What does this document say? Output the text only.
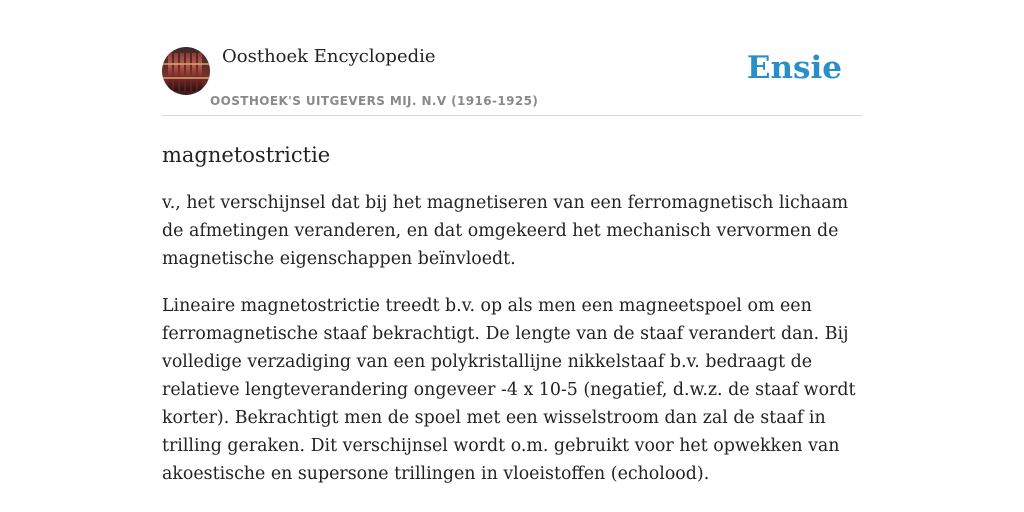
Oosthoek Encyclopedie
OOSTHOEK'S UITGEVERS MIJ. N.V (1916-1925)
Ensie
magnetostrictie
v., het verschijnsel dat bij het magnetiseren van een ferromagnetisch lichaam de afmetingen veranderen, en dat omgekeerd het mechanisch vervormen de magnetische eigenschappen beïnvloedt.
Lineaire magnetostrictie treedt b.v. op als men een magneetspoel om een ferromagnetische staaf bekrachtigt. De lengte van de staaf verandert dan. Bij volledige verzadiging van een polykristallijne nikkelstaaf b.v. bedraagt de relatieve lengteverandering ongeveer -4 x 10-5 (negatief, d.w.z. de staaf wordt korter). Bekrachtigt men de spoel met een wisselstroom dan zal de staaf in trilling geraken. Dit verschijnsel wordt o.m. gebruikt voor het opwekken van akoestische en supersone trillingen in vloeistoffen (echolood).
